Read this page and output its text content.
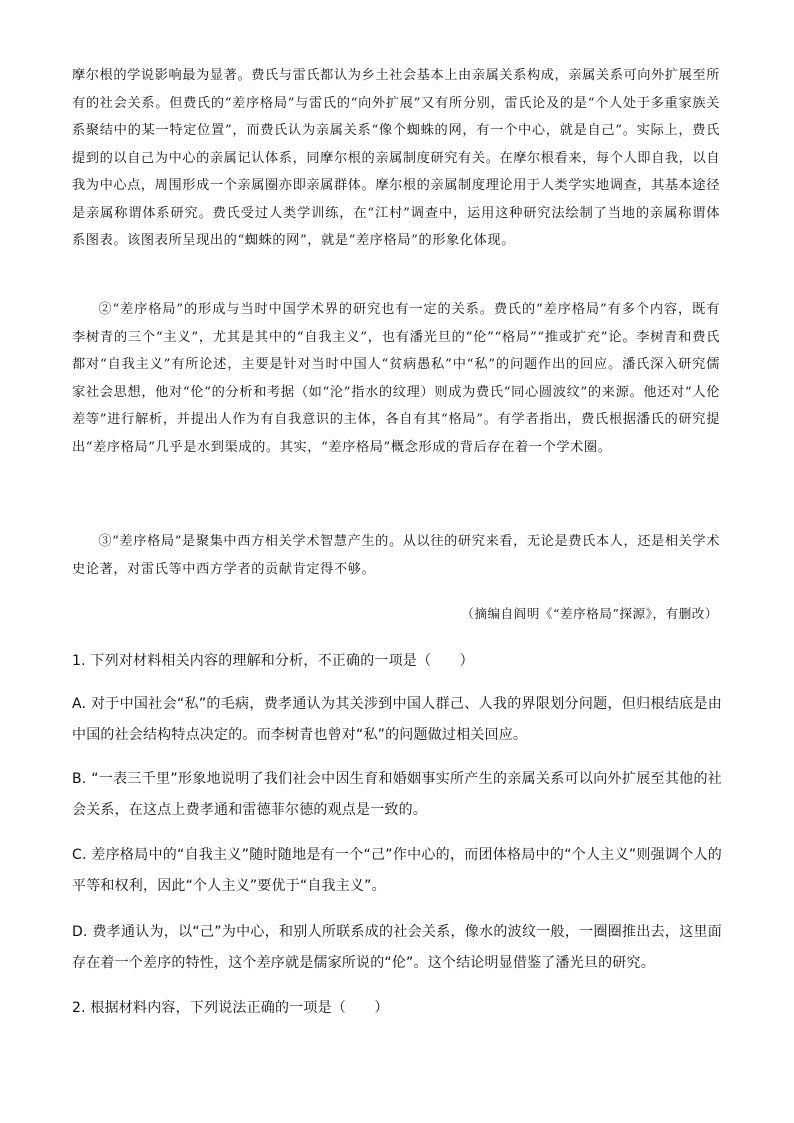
摩尔根的学说影响最为显著。费氏与雷氏都认为乡土社会基本上由亲属关系构成，亲属关系可向外扩展至所有的社会关系。但费氏的“差序格局”与雷氏的“向外扩展”又有所分别，雷氏论及的是“个人处于多重家族关系聚结中的某一特定位置”，而费氏认为亲属关系“像个蜘蛛的网，有一个中心，就是自己”。实际上，费氏提到的以自己为中心的亲属记认体系，同摩尔根的亲属制度研究有关。在摩尔根看来，每个人即自我，以自我为中心点，周围形成一个亲属圈亦即亲属群体。摩尔根的亲属制度理论用于人类学实地调查，其基本途径是亲属称谓体系研究。费氏受过人类学训练，在“江村”调查中，运用这种研究法绘制了当地的亲属称谓体系图表。该图表所呈现出的“蜘蛛的网”，就是“差序格局”的形象化体现。
②“差序格局”的形成与当时中国学术界的研究也有一定的关系。费氏的“差序格局”有多个内容，既有李树青的三个“主义”，尤其是其中的“自我主义”，也有潘光旦的“伦”“格局”“推或扩充”论。李树青和费氏都对“自我主义”有所论述，主要是针对当时中国人“贫病愚私”中“私”的问题作出的回应。潘氏深入研究儒家社会思想，他对“伦”的分析和考据（如“沦”指水的纹理）则成为费氏“同心圆波纹”的来源。他还对“人伦差等”进行解析，并提出人作为有自我意识的主体，各自有其“格局”。有学者指出，费氏根据潘氏的研究提出“差序格局”几乎是水到渠成的。其实，“差序格局”概念形成的背后存在着一个学术圈。
③“差序格局”是聚集中西方相关学术智慧产生的。从以往的研究来看，无论是费氏本人，还是相关学术史论著，对雷氏等中西方学者的贡献肯定得不够。
（摘编自阎明《“差序格局”探源》，有删改）
1. 下列对材料相关内容的理解和分析，不正确的一项是（　　）
A. 对于中国社会“私”的毛病，费孝通认为其关涉到中国人群己、人我的界限划分问题，但归根结底是由中国的社会结构特点决定的。而李树青也曾对“私”的问题做过相关回应。
B. “一表三千里”形象地说明了我们社会中因生育和婚姻事实所产生的亲属关系可以向外扩展至其他的社会关系，在这点上费孝通和雷德菲尔德的观点是一致的。
C. 差序格局中的“自我主义”随时随地是有一个“己”作中心的，而团体格局中的“个人主义”则强调个人的平等和权利，因此“个人主义”要优于“自我主义”。
D. 费孝通认为，以“己”为中心，和别人所联系成的社会关系，像水的波纹一般，一圈圈推出去，这里面存在着一个差序的特性，这个差序就是儒家所说的“伦”。这个结论明显借鉴了潘光旦的研究。
2. 根据材料内容，下列说法正确的一项是（　　）
